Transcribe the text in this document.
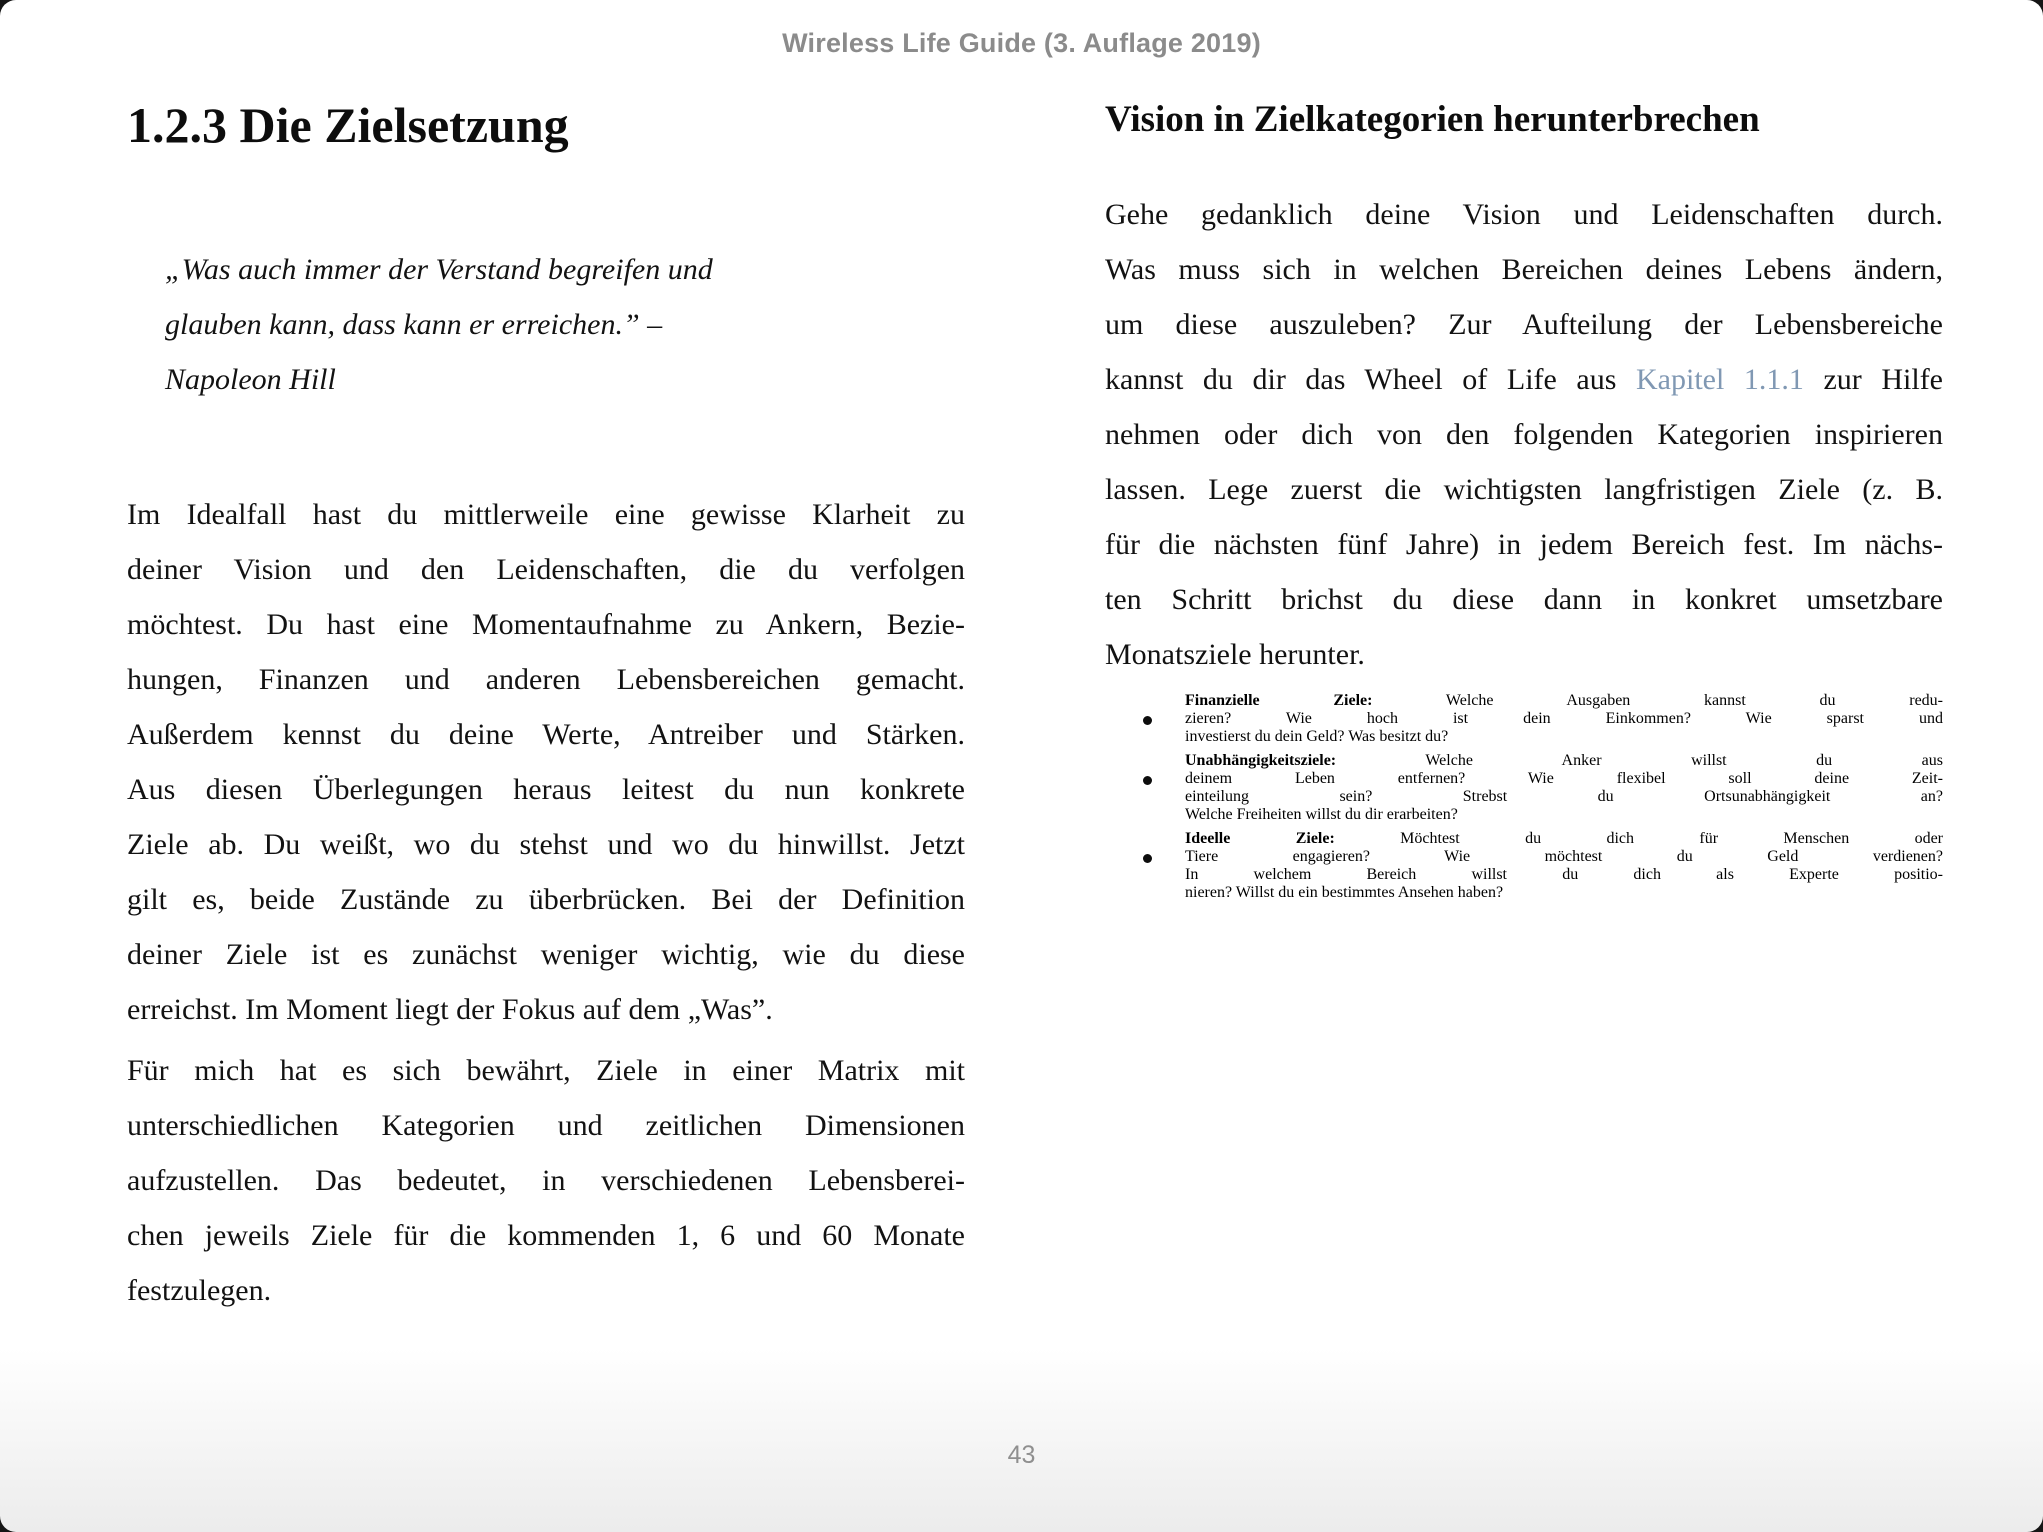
Wireless Life Guide (3. Auflage 2019)
1.2.3 Die Zielsetzung
„Was auch immer der Verstand begreifen und
glauben kann, dass kann er erreichen.” –
Napoleon Hill
Im Idealfall hast du mittlerweile eine gewisse Klarheit zu
deiner Vision und den Leidenschaften, die du verfolgen
möchtest. Du hast eine Momentaufnahme zu Ankern, Bezie-
hungen, Finanzen und anderen Lebensbereichen gemacht.
Außerdem kennst du deine Werte, Antreiber und Stärken.
Aus diesen Überlegungen heraus leitest du nun konkrete
Ziele ab. Du weißt, wo du stehst und wo du hinwillst. Jetzt
gilt es, beide Zustände zu überbrücken. Bei der Definition
deiner Ziele ist es zunächst weniger wichtig, wie du diese
erreichst. Im Moment liegt der Fokus auf dem „Was”.
Für mich hat es sich bewährt, Ziele in einer Matrix mit
unterschiedlichen Kategorien und zeitlichen Dimensionen
aufzustellen. Das bedeutet, in verschiedenen Lebensberei-
chen jeweils Ziele für die kommenden 1, 6 und 60 Monate
festzulegen.
Vision in Zielkategorien herunterbrechen
Gehe gedanklich deine Vision und Leidenschaften durch.
Was muss sich in welchen Bereichen deines Lebens ändern,
um diese auszuleben? Zur Aufteilung der Lebensbereiche
kannst du dir das Wheel of Life aus Kapitel 1.1.1 zur Hilfe
nehmen oder dich von den folgenden Kategorien inspirieren
lassen. Lege zuerst die wichtigsten langfristigen Ziele (z. B.
für die nächsten fünf Jahre) in jedem Bereich fest. Im nächs-
ten Schritt brichst du diese dann in konkret umsetzbare
Monatsziele herunter.
Finanzielle Ziele: Welche Ausgaben kannst du redu-
zieren? Wie hoch ist dein Einkommen? Wie sparst und
investierst du dein Geld? Was besitzt du?
Unabhängigkeitsziele: Welche Anker willst du aus
deinem Leben entfernen? Wie flexibel soll deine Zeit-
einteilung sein? Strebst du Ortsunabhängigkeit an?
Welche Freiheiten willst du dir erarbeiten?
Ideelle Ziele: Möchtest du dich für Menschen oder
Tiere engagieren? Wie möchtest du Geld verdienen?
In welchem Bereich willst du dich als Experte positio-
nieren? Willst du ein bestimmtes Ansehen haben?
43
